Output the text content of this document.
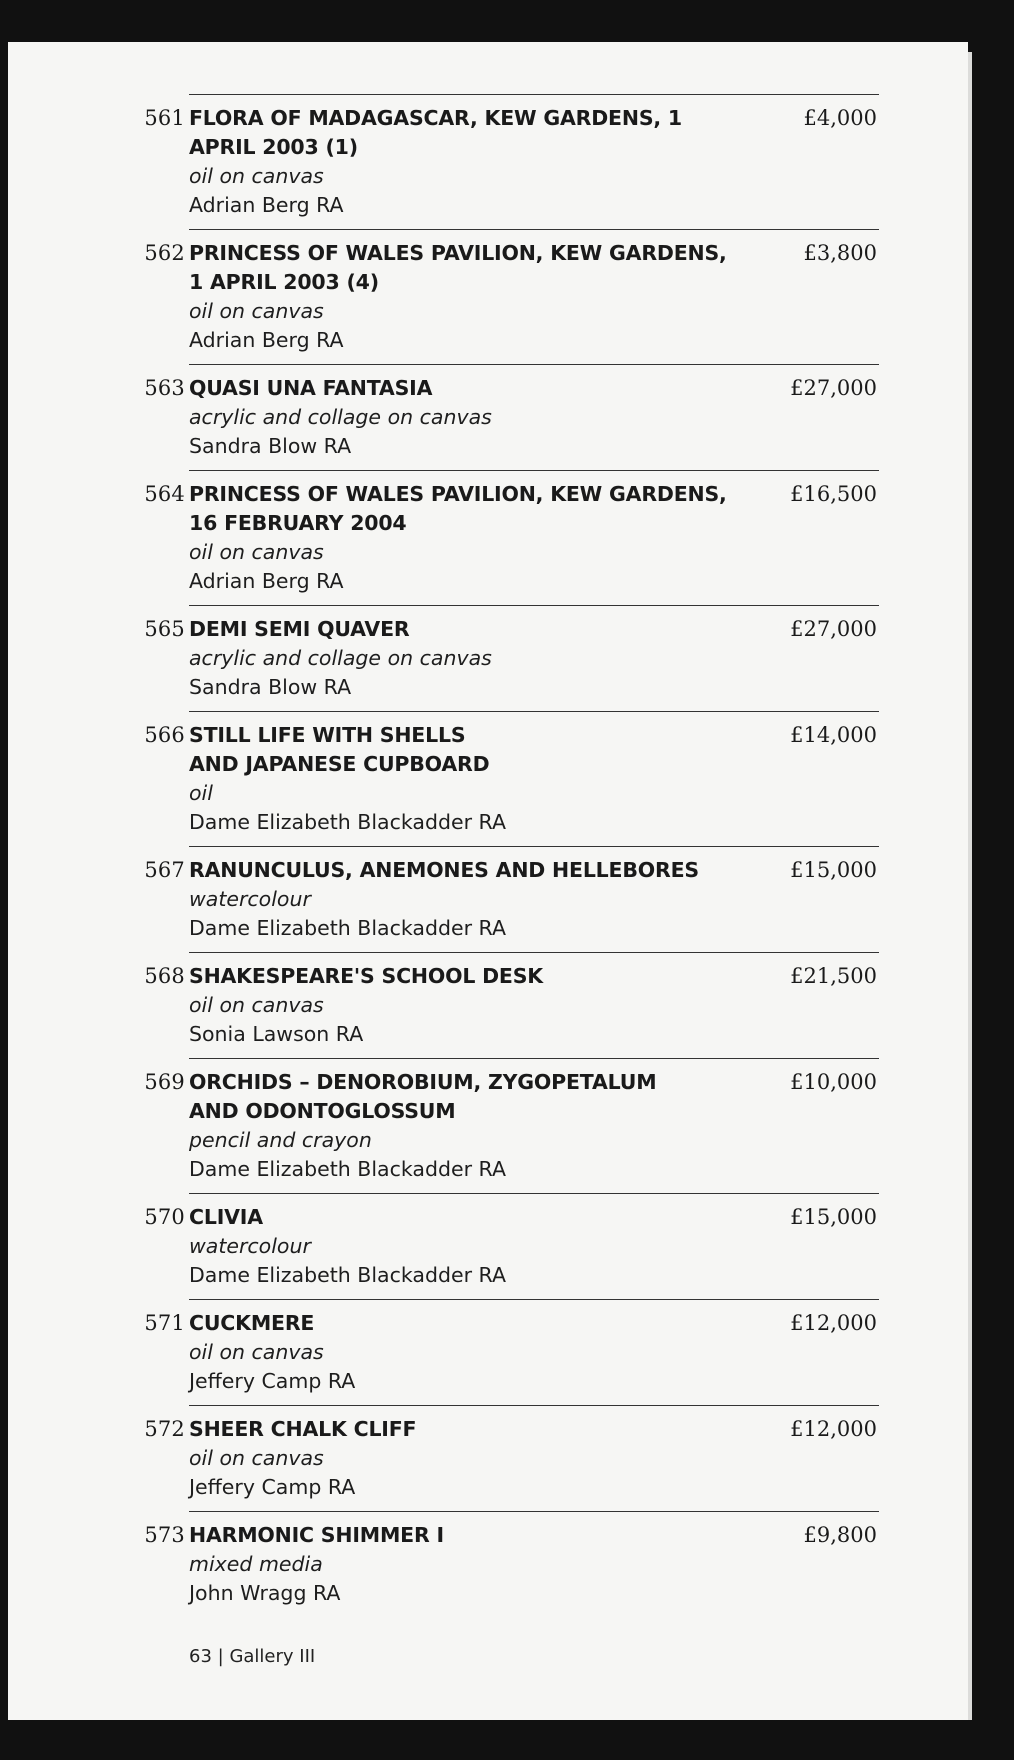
561 FLORA OF MADAGASCAR, KEW GARDENS, 1 APRIL 2003 (1)
oil on canvas
Adrian Berg RA
£4,000
562 PRINCESS OF WALES PAVILION, KEW GARDENS, 1 APRIL 2003 (4)
oil on canvas
Adrian Berg RA
£3,800
563 QUASI UNA FANTASIA
acrylic and collage on canvas
Sandra Blow RA
£27,000
564 PRINCESS OF WALES PAVILION, KEW GARDENS, 16 FEBRUARY 2004
oil on canvas
Adrian Berg RA
£16,500
565 DEMI SEMI QUAVER
acrylic and collage on canvas
Sandra Blow RA
£27,000
566 STILL LIFE WITH SHELLS AND JAPANESE CUPBOARD
oil
Dame Elizabeth Blackadder RA
£14,000
567 RANUNCULUS, ANEMONES AND HELLEBORES
watercolour
Dame Elizabeth Blackadder RA
£15,000
568 SHAKESPEARE'S SCHOOL DESK
oil on canvas
Sonia Lawson RA
£21,500
569 ORCHIDS – DENOROBIUM, ZYGOPETALUM AND ODONTOGLOSSUM
pencil and crayon
Dame Elizabeth Blackadder RA
£10,000
570 CLIVIA
watercolour
Dame Elizabeth Blackadder RA
£15,000
571 CUCKMERE
oil on canvas
Jeffery Camp RA
£12,000
572 SHEER CHALK CLIFF
oil on canvas
Jeffery Camp RA
£12,000
573 HARMONIC SHIMMER I
mixed media
John Wragg RA
£9,800
63 | Gallery III
